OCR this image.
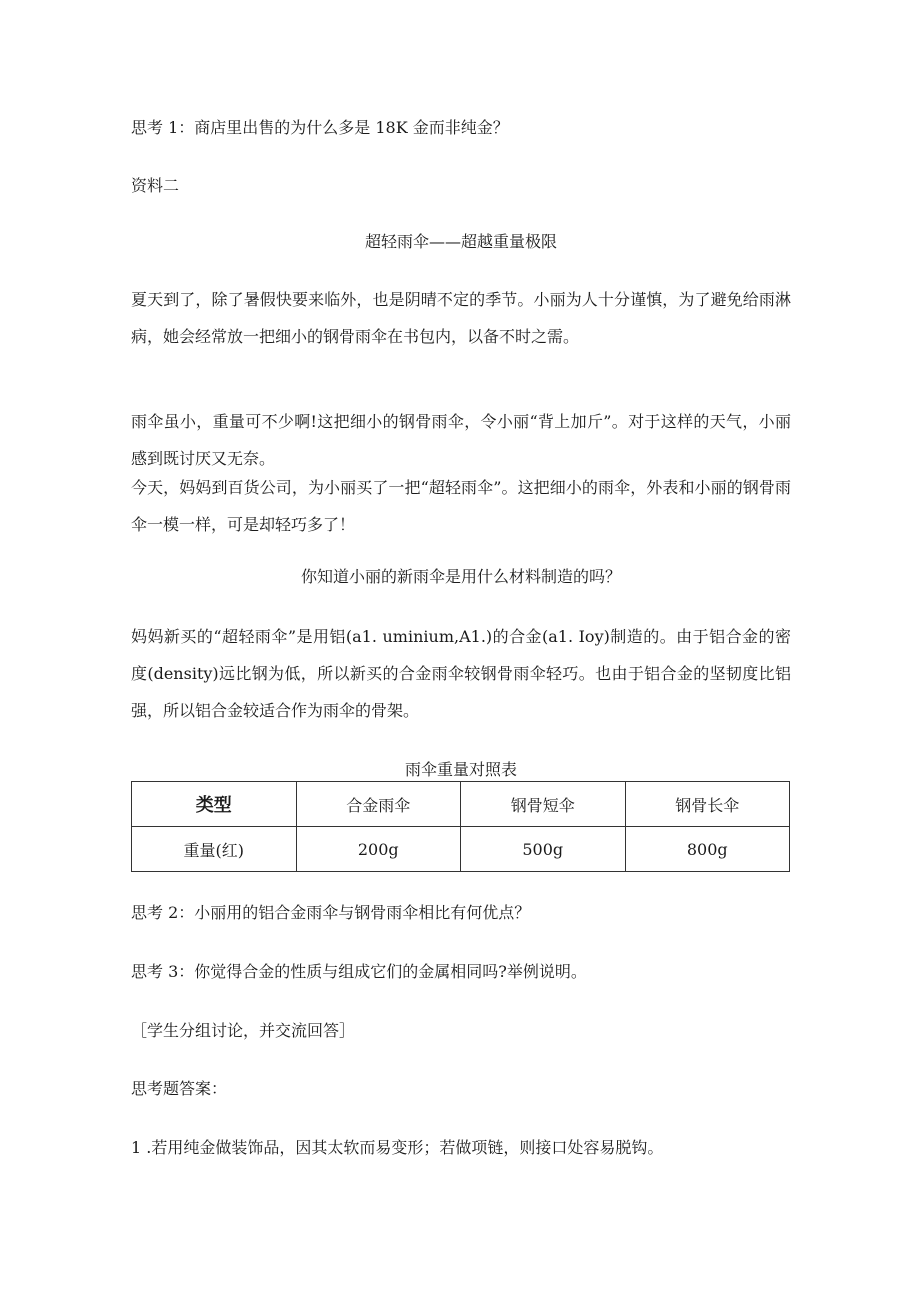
思考 1：商店里出售的为什么多是 18K 金而非纯金？
资料二
超轻雨伞——超越重量极限
夏天到了，除了暑假快要来临外，也是阴晴不定的季节。小丽为人十分谨慎，为了避免给雨淋病，她会经常放一把细小的钢骨雨伞在书包内，以备不时之需。
雨伞虽小，重量可不少啊!这把细小的钢骨雨伞，令小丽“背上加斤”。对于这样的天气，小丽感到既讨厌又无奈。
今天，妈妈到百货公司，为小丽买了一把“超轻雨伞”。这把细小的雨伞，外表和小丽的钢骨雨伞一模一样，可是却轻巧多了！
你知道小丽的新雨伞是用什么材料制造的吗？
妈妈新买的“超轻雨伞”是用铝(a1. uminium,A1.)的合金(a1. Ioy)制造的。由于铝合金的密度(density)远比钢为低，所以新买的合金雨伞较钢骨雨伞轻巧。也由于铝合金的坚韧度比铝强，所以铝合金较适合作为雨伞的骨架。
雨伞重量对照表
类型	合金雨伞	钢骨短伞	钢骨长伞
重量(红)	200g	500g	800g
思考 2：小丽用的铝合金雨伞与钢骨雨伞相比有何优点？
思考 3：你觉得合金的性质与组成它们的金属相同吗?举例说明。
［学生分组讨论，并交流回答］
思考题答案：
1 .若用纯金做装饰品，因其太软而易变形；若做项链，则接口处容易脱钩。
